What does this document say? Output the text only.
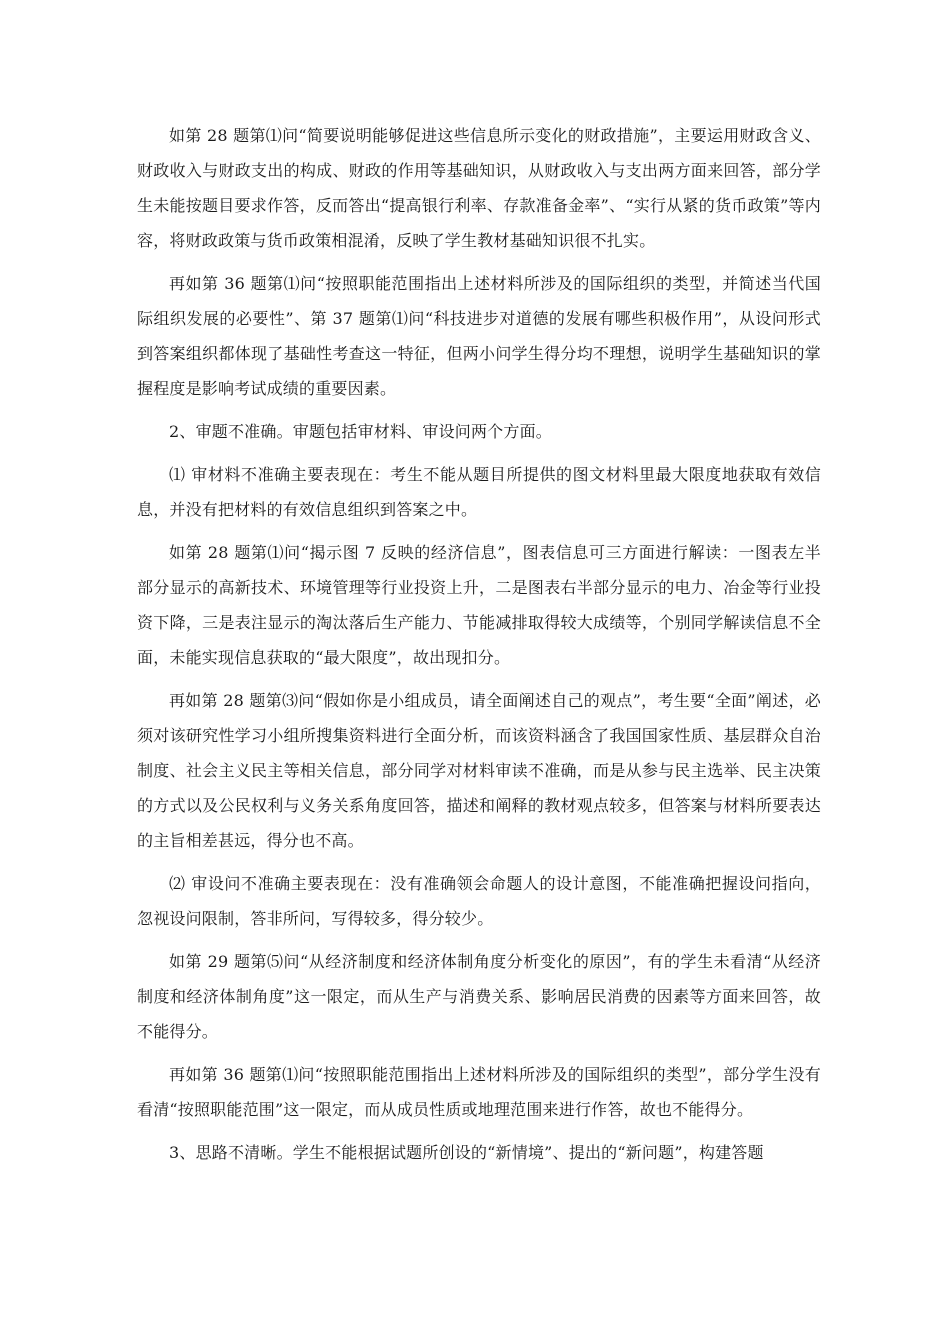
如第 28 题第⑴问“简要说明能够促进这些信息所示变化的财政措施”，主要运用财政含义、财政收入与财政支出的构成、财政的作用等基础知识，从财政收入与支出两方面来回答，部分学生未能按题目要求作答，反而答出“提高银行利率、存款准备金率”、“实行从紧的货币政策”等内容，将财政政策与货币政策相混淆，反映了学生教材基础知识很不扎实。

再如第 36 题第⑴问“按照职能范围指出上述材料所涉及的国际组织的类型，并简述当代国际组织发展的必要性”、第 37 题第⑴问“科技进步对道德的发展有哪些积极作用”，从设问形式到答案组织都体现了基础性考查这一特征，但两小问学生得分均不理想，说明学生基础知识的掌握程度是影响考试成绩的重要因素。

2、审题不准确。审题包括审材料、审设问两个方面。

⑴ 审材料不准确主要表现在：考生不能从题目所提供的图文材料里最大限度地获取有效信息，并没有把材料的有效信息组织到答案之中。

如第 28 题第⑴问“揭示图 7 反映的经济信息”，图表信息可三方面进行解读：一图表左半部分显示的高新技术、环境管理等行业投资上升，二是图表右半部分显示的电力、冶金等行业投资下降，三是表注显示的淘汰落后生产能力、节能减排取得较大成绩等，个别同学解读信息不全面，未能实现信息获取的“最大限度”，故出现扣分。

再如第 28 题第⑶问“假如你是小组成员，请全面阐述自己的观点”，考生要“全面”阐述，必须对该研究性学习小组所搜集资料进行全面分析，而该资料涵含了我国国家性质、基层群众自治制度、社会主义民主等相关信息，部分同学对材料审读不准确，而是从参与民主选举、民主决策的方式以及公民权利与义务关系角度回答，描述和阐释的教材观点较多，但答案与材料所要表达的主旨相差甚远，得分也不高。

⑵ 审设问不准确主要表现在：没有准确领会命题人的设计意图，不能准确把握设问指向，忽视设问限制，答非所问，写得较多，得分较少。

如第 29 题第⑸问“从经济制度和经济体制角度分析变化的原因”，有的学生未看清“从经济制度和经济体制角度”这一限定，而从生产与消费关系、影响居民消费的因素等方面来回答，故不能得分。

再如第 36 题第⑴问“按照职能范围指出上述材料所涉及的国际组织的类型”，部分学生没有看清“按照职能范围”这一限定，而从成员性质或地理范围来进行作答，故也不能得分。

3、思路不清晰。学生不能根据试题所创设的“新情境”、提出的“新问题”，构建答题
